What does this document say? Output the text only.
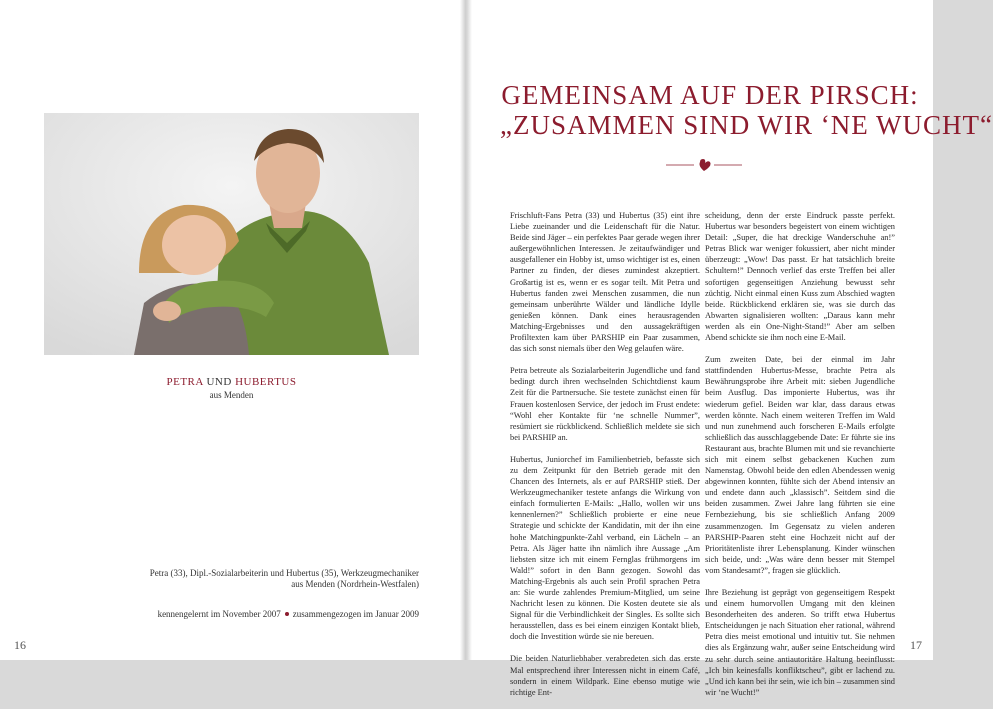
PETRA UND HUBERTUS
aus Menden
Petra (33), Dipl.-Sozialarbeiterin und Hubertus (35), Werkzeugmechaniker
aus Menden (Nordrhein-Westfalen)
kennengelernt im November 2007 zusammengezogen im Januar 2009
16
GEMEINSAM AUF DER PIRSCH:
„ZUSAMMEN SIND WIR ‘NE WUCHT“

Frischluft-Fans Petra (33) und Hubertus (35) eint ihre Liebe zueinander und die Leidenschaft für die Natur. Beide sind Jäger – ein perfektes Paar gerade wegen ihrer außergewöhnlichen Interessen. Je zeitaufwändiger und ausgefallener ein Hobby ist, umso wichtiger ist es, einen Partner zu finden, der dieses zumindest akzeptiert. Großartig ist es, wenn er es sogar teilt. Mit Petra und Hubertus fanden zwei Menschen zusammen, die nun gemeinsam unberührte Wälder und ländliche Idylle genießen können. Dank eines herausragenden Matching-Ergebnisses und den aussagekräftigen Profiltexten kam über PARSHIP ein Paar zusammen, das sich sonst niemals über den Weg gelaufen wäre.

Petra betreute als Sozialarbeiterin Jugendliche und fand bedingt durch ihren wechselnden Schichtdienst kaum Zeit für die Partnersuche. Sie testete zunächst einen für Frauen kostenlosen Service, der jedoch im Frust endete: “Wohl eher Kontakte für ‘ne schnelle Nummer”, resümiert sie rückblickend. Schließlich meldete sie sich bei PARSHIP an.

Hubertus, Juniorchef im Familienbetrieb, befasste sich zu dem Zeitpunkt für den Betrieb gerade mit den Chancen des Internets, als er auf PARSHIP stieß. Der Werkzeugmechaniker testete anfangs die Wirkung von einfach formulierten E-Mails: „Hallo, wollen wir uns kennenlernen?” Schließlich probierte er eine neue Strategie und schickte der Kandidatin, mit der ihn eine hohe Matchingpunkte-Zahl verband, ein Lächeln – an Petra. Als Jäger hatte ihn nämlich ihre Aussage „Am liebsten sitze ich mit einem Fernglas frühmorgens im Wald!” sofort in den Bann gezogen. Sowohl das Matching-Ergebnis als auch sein Profil sprachen Petra an: Sie wurde zahlendes Premium-Mitglied, um seine Nachricht lesen zu können. Die Kosten deutete sie als Signal für die Verbindlichkeit der Singles. Es sollte sich herausstellen, dass es bei einem einzigen Kontakt blieb, doch die Investition würde sie nie bereuen.

Die beiden Naturliebhaber verabredeten sich das erste Mal entsprechend ihrer Interessen nicht in einem Café, sondern in einem Wildpark. Eine ebenso mutige wie richtige Ent-

scheidung, denn der erste Eindruck passte perfekt. Hubertus war besonders begeistert von einem wichtigen Detail: „Super, die hat dreckige Wanderschuhe an!” Petras Blick war weniger fokussiert, aber nicht minder überzeugt: „Wow! Das passt. Er hat tatsächlich breite Schultern!” Dennoch verlief das erste Treffen bei aller sofortigen gegenseitigen Anziehung bewusst sehr züchtig. Nicht einmal einen Kuss zum Abschied wagten beide. Rückblickend erklären sie, was sie durch das Abwarten signalisieren wollten: „Daraus kann mehr werden als ein One-Night-Stand!” Aber am selben Abend schickte sie ihm noch eine E-Mail.

Zum zweiten Date, bei der einmal im Jahr stattfindenden Hubertus-Messe, brachte Petra als Bewährungsprobe ihre Arbeit mit: sieben Jugendliche beim Ausflug. Das imponierte Hubertus, was ihr wiederum gefiel. Beiden war klar, dass daraus etwas werden könnte. Nach einem weiteren Treffen im Wald und nun zunehmend auch forscheren E-Mails erfolgte schließlich das ausschlaggebende Date: Er führte sie ins Restaurant aus, brachte Blumen mit und sie revanchierte sich mit einem selbst gebackenen Kuchen zum Namenstag. Obwohl beide den edlen Abendessen wenig abgewinnen konnten, fühlte sich der Abend intensiv an und endete dann auch „klassisch”. Seitdem sind die beiden zusammen. Zwei Jahre lang führten sie eine Fernbeziehung, bis sie schließlich Anfang 2009 zusammenzogen. Im Gegensatz zu vielen anderen PARSHIP-Paaren steht eine Hochzeit nicht auf der Prioritätenliste ihrer Lebensplanung. Kinder wünschen sich beide, und: „Was wäre denn besser mit Stempel vom Standesamt?”, fragen sie glücklich.

Ihre Beziehung ist geprägt von gegenseitigem Respekt und einem humorvollen Umgang mit den kleinen Besonderheiten des anderen. So trifft etwa Hubertus Entscheidungen je nach Situation eher rational, während Petra dies meist emotional und intuitiv tut. Sie nehmen dies als Ergänzung wahr, außer seine Entscheidung wird zu sehr durch seine antiautoritäre Haltung beeinflusst: „Ich bin keinesfalls konfliktscheu”, gibt er lachend zu. „Und ich kann bei ihr sein, wie ich bin – zusammen sind wir ‘ne Wucht!”

17
